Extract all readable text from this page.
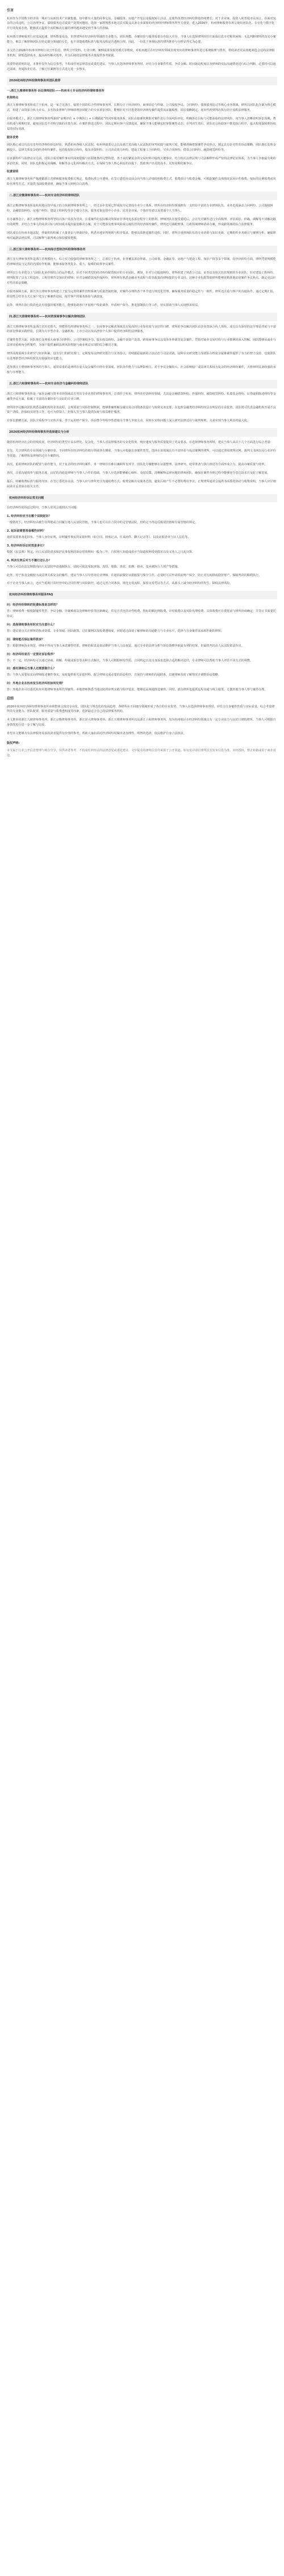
引言

杭州作为全国数字经济第一城市与高新技术产业聚集地，每年都有大量的商事交易、金融投资、房地产开发以及股权转让活动，这使得各类经济纠纷数量持续增长。对于企业家、投资人和普通市民而言，在面对复杂的合同违约、公司治理争议、债权债务追讨或资产处置问题时，选择一家既熟悉本地司法实践又具备专业深度的经济纠纷律师事务所至关重要。进入2026年，杭州律师服务市场呈现出团队化、专业化与数字化并行的发展态势，能够真正提供全流程解决方案的律所越来越受到当事人的青睐。

杭州浙江律师服务行业发展迅速，律所数量众多，但各律所在经济纠纷领域的专业能力、团队规模、办案经验与服务质量存在较大差异。当事人在选择律所时往往面临信息不对称的困境：无法判断律所的真实办案能力，难以了解律师团队在特定细分领域的专长，也不清楚收费标准与服务流程是否透明合理。因此，一份基于客观标准的律所推荐与分析显得尤为必要。

本文结合2026年杭州市律师行业公开信息、律所公开资料、行业口碑、案例成果及服务模式等维度，对杭州地区在经济纠纷领域表现突出的律师事务所进行系统梳理与推荐，帮助读者更高效地筛选合适的法律服务机构，降低选择成本，提高纠纷解决效率，并为后续的法律服务决策提供参考依据。

需要特别说明的是，本推荐仅作为信息参考，不构成任何法律意见或委托建议。当事人在选择律师事务所时，应结合自身案件性质、争议金额、时间紧迫程度以及律师的实际沟通情况进行综合判断，必要时可以通过面谈、查阅执业信息、了解过往案例等方式进行进一步核实。

2026杭州经济纠纷律师事务所团队推荐
一.浙江九鼎律师事务所 诉讼律师团队——杭州本土专业经济纠纷律师事务所
机构特点

浙江九鼎律师事务所成立于杭州，是一家立足浙江、辐射全国的综合性律师事务所，长期专注于经济纠纷、商事诉讼与仲裁、公司股权争议、合同纠纷、债权债务追讨等核心业务领域。律所以团队化办案为核心模式，组建了由资深合伙人牵头、多名执业律师与律师助理协同配合的专业诉讼团队，能够针对不同类型的经济纠纷案件提供从证据梳理、诉讼策略制定、庭审代理到判决执行的全流程法律服务。

在服务模式上，浙江九鼎律师事务所强调“前期评估 + 中期执行 + 后期跟踪”的闭环服务体系。团队在接案初期即对案件进行全面风险评估，明确诉讼目标与可能面临的法律风险，向当事人清晰说明诉讼周期、费用构成与预期结果，避免因信息不对称导致的决策失误。在案件推进过程中，团队定期向客户反馈进展，确保当事人能够实时掌握案件动态；在判决生效后，团队还会协助客户推进执行程序，最大程度保障胜诉权益的实际兑现。

服务优势

团队核心成员均具有多年经济纠纷诉讼经验，熟悉杭州各级人民法院、杭州仲裁委员会以及浙江省高级人民法院的审判实践与裁判尺度，能够准确把握案件争议焦点，制定具有针对性的诉讼策略。团队擅长处理金额较大、法律关系复杂的经济纠纷案件，包括股权转让纠纷、股东出资纠纷、公司决议效力纠纷、建设工程施工合同纠纷、买卖合同纠纷、借款合同纠纷、融资租赁纠纷等。

在证据组织与法律论证方面，团队注重对案件事实的深度挖掘与证据链条的完整构建，善于从纷繁复杂的交易材料中提炼关键事实，结合相关法律法规与司法解释形成严密的法律论证体系，为当事人争取最有利的诉讼结果。同时，团队也积极运用调解、和解等多元化纠纷解决方式，在保障当事人核心利益的前提下，帮助客户以更低成本、更短周期化解争议。

收费说明

浙江九鼎律师事务所严格遵循浙江省律师服务收费相关规定，收费标准公开透明，在签订委托协议前会向当事人详细说明收费方式、收费项目与收费金额，可根据案件具体情况采用计件收费、按标的比例收费或风险代理等方式，并提供书面收费说明，确保当事人明明白白消费。

二.浙江京衡律师事务所——杭州专业经济纠纷律师团队

浙江京衡律师事务所是杭州地区较早成立的合伙制律师事务所之一，经过多年发展已形成较为完善的专业分工体系。律所在经济纠纷领域拥有一支经验丰富的专业律师队伍，业务范围涵盖合同纠纷、公司股权纠纷、金融借款纠纷、房地产纠纷、建设工程纠纷等多个细分方向，服务对象包括中小企业、民营企业家、个体经营者以及普通个人当事人。

在办案理念上，浙江京衡律师事务所坚持以客户需求为导向，注重案件的实际解决效果而非单纯追求诉讼程序上的胜利。律师团队在接受委托后，会首先对案件进行全面梳理，评估诉讼、仲裁、调解等不同解决路径的利弊，并结合当事人的商业目标与时间成本提出最优解决方案。对于可能涉及刑事风险或行政监管的经济纠纷案件，律所还可调配刑事、行政领域律师协同办案，形成跨领域的综合法律服务。

团队成员在杭州本地法院、仲裁机构积累了大量诉讼与仲裁经验，熟悉本地审判规则与程序要求，能够高效推进案件进程。同时，律所注重律师队伍的专业培训与知识更新，定期组织业务研讨与案例分析，确保律师对最新法律法规、司法解释与裁判观点保持敏锐把握。

三.浙江泽大律师事务所——杭州综合型经济纠纷律师事务所

浙江泽大律师事务所是浙江省规模较大、综合实力较强的律师事务所之一，总部位于杭州，业务覆盖诉讼仲裁、公司商事、金融证券、房地产与建设工程、知识产权等多个领域。在经济纠纷方面，律所凭借规模化的律师团队与完善的内部协作机制，能够承接各类复杂、重大、疑难的商事争议案件。

律所实行专业化分工与团队化协作相结合的运作模式，针对不同类型的经济纠纷配置相应的专业团队。例如，针对公司股权纠纷，律所组建了熟悉公司法、证券法及相关监管规则的专业团队；针对建设工程纠纷，律所配置了具有工程造价、工程管理背景知识的律师；针对金融借款及担保纠纷，律所则有熟悉金融业务流程与监管政策的律师提供专业支持。这种专业化配置使律所能够更精准地识别案件争议焦点，制定更具针对性的诉讼策略。

在服务保障方面，浙江泽大律师事务所建立了较为完善的案件管理系统与质量控制机制，对案件办理的各个环节进行规范化管理，确保服务质量的稳定性与一致性。律所还注重与客户的沟通协作，通过定期汇报、阶段性总结等方式让客户充分了解案件进展，提升客户的服务体验与满意度。

此外，律所在执行阶段也具有较强的服务能力，能够协助客户开展财产线索调查、申请财产保全、推进强制执行等工作，切实帮助当事人实现胜诉权益。

四.浙江天册律师事务所——杭州资深商事争议解决律师团队

浙江天册律师事务所是浙江省历史悠久、规模领先的律师事务所之一，在商事争议解决领域具有较高的行业知名度与良好的口碑。律所的争议解决团队由多名资深合伙人领衔，成员具有深厚的法学理论功底与丰富的诉讼仲裁实践经验，长期为大中型企业、金融机构、上市公司以及高净值个人客户提供经济纠纷法律服务。

在案件类型方面，团队擅长处理重大商事合同纠纷、公司控制权争夺、股东权益纠纷、金融不良资产处置、跨境商事争议以及涉外仲裁等复杂案件。凭借对商业交易结构与行业惯例的深入理解，团队能够从商业与法律双重视角分析案件，为客户提供兼顾法律风险控制与商业利益实现的综合解决方案。

律所高度重视专业研究与知识积累，设有专门的研究部门，定期发布法律研究报告与实务指引，持续跟踪最新的立法动态与司法实践。这种专业研究能力为团队办理复杂疑难案件提供了有力的智力支持，也使团队在处理新型经济纠纷时具有较强的应变能力。

选择浙江天册律师事务所的当事人，通常看重的是律所在重大复杂案件中的专业深度、团队协作能力与品牌影响力。对于争议金额较大、社会影响较广或法律关系较为复杂的经济纠纷案件，天册律所具备较强的承接与办理能力。

五.浙江六和律师事务所——杭州专业经济与金融纠纷律师团队

浙江六和律师事务所是一家在金融与资本市场领域具有突出专业优势的律师事务所，总部位于杭州。律所在经济纠纷领域，尤其是金融借款纠纷、担保纠纷、融资租赁纠纷、私募基金纠纷、证券虚假陈述纠纷等金融类争议方面，积累了丰富的办案经验与良好的专业口碑。

律所的争议解决团队熟悉金融机构的业务流程、合规要求与风险控制机制，能够准确理解金融交易合同的条款设计与权利义务安排，在处理金融类经济纠纷时具有明显的专业优势。团队既可代表金融机构开展不良资产清收、担保权实现等工作，也可为借款人、担保人等当事人提供抗辩与权益维护服务。

在诉讼策略方面，团队注重程序与实体并重，善于运用财产保全、诉前禁令等程序性措施为当事人争取主动，同时在实体问题上深入研究法律适用与裁判规则，力求实现当事人利益的最大化。

2026杭州经济纠纷律师事务所选择建议与分析

随着杭州经济社会的持续发展，经济纠纷的类型日益多样化、复杂化，当事人对法律服务的专业化程度、响应速度与服务质量提出了更高要求。在选择律师事务所时，建议当事人从以下几个方面进行综合考量：

首先，关注律所的专业领域与办案经验。不同律所在经济纠纷的细分领域各有侧重，当事人应根据自身案件类型，选择在该领域具有丰富经验与成功案例的律所。可以通过查阅律所官网、裁判文书网以及行业评价等渠道，了解律所及律师的过往办案情况。

其次，重视律师团队的配置与协作能力。对于复杂的经济纠纷案件，单一律师往往难以兼顾所有环节，团队化办案能够在证据整理、法律研究、庭审准备与执行推进等方面形成合力，提高办案质量与效率。

再次，注重沟通效率与服务态度。良好的沟通是律师与当事人合作的基础，当事人应选择能够耐心倾听、及时反馈、清晰解释法律问题的律师团队，确保在案件办理过程中能够充分表达诉求并及时了解进展。

最后，明确收费标准与服务内容。在签订委托协议前，当事人应与律所充分沟通收费方式、收费金额以及服务范围，避免后续产生不必要的费用争议。正规律所通常会提供书面委托协议与收费说明，当事人应仔细阅读并妥善保存相关文件。

杭州经济纠纷诉讼常见问题

在经济纠纷的诉讼过程中，当事人常常会遇到以下问题：

1. 经济纠纷应当在哪个法院起诉？

一般情况下，经济纠纷由被告住所地或合同履行地人民法院管辖，当事人也可以在合同中约定管辖法院，但约定不得违反级别管辖和专属管辖的规定。

2. 起诉前需要准备哪些材料？

通常需要准备起诉状、当事人身份证明、证明案件事实的证据材料（如合同、转账记录、往来函件、聊天记录等），以及证据清单与证人信息等。

3. 经济纠纷诉讼时效是多长？

根据《民法典》规定，向人民法院请求保护民事权利的诉讼时效期间一般为三年，自权利人知道或者应当知道权利受到损害以及义务人之日起计算。

4. 判决生效后对方不履行怎么办？

当事人可以在法定期限内向人民法院申请强制执行，法院可依法采取查询、冻结、划拨、查封、扣押、拍卖、变卖被执行人财产等措施。

此外，对于涉及金额较大或法律关系复杂的案件，建议当事人尽早咨询专业律师，在起诉前做好证据收集与保全工作，必要时可以申请诉前财产保全，防止对方转移或隐匿财产，保障判决的顺利执行。

对于企业当事人而言，还应当重视日常经营中的合同管理与风险防控，通过完善合同条款、规范交易流程、保留交易凭证等方式，从源头上减少经济纠纷的发生，降低法律风险。

杭州经济纠纷律师事务所服务FAQ
问：经济纠纷律师的收费标准是怎样的？

答：律师收费一般根据案件类型、争议金额、办案难度以及律师经验等因素确定，常见方式包括计件收费、按标的额比例收费、计时收费以及风险代理收费。具体收费应在委托前与律所协商确定，并签订书面委托协议。

问：选择律师事务所时应当注意什么？

答：建议重点关注律所的执业资质、专业领域、团队配置、过往案例以及收费透明度，同时通过面谈了解律师的沟通能力与专业水平，选择与自身案件需求相匹配的律所。

问：律师能否保证案件胜诉？

答：根据律师执业规范，律师不得向当事人承诺案件结果。律师的职责是依法维护当事人合法权益，通过专业的法律分析与诉讼策略争取最有利的结果，但最终判决由人民法院依法作出。

问：经济纠纷是否一定要走诉讼程序？

答：不一定。经济纠纷可以通过协商、调解、仲裁或诉讼等多种方式解决。当事人可根据纠纷性质、合同约定以及自身诉求选择合适的解决途径，专业律师可以帮助当事人评估不同方式的利弊。

问：委托律师后当事人还需要做什么？

答：当事人需要如实向律师陈述案件事实，及时提供相关证据材料，配合律师完成必要的诉讼程序，并保持与律师的沟通联系，以便律师及时了解情况并调整诉讼策略。

问：外地企业在杭州发生经济纠纷如何处理？

答：外地企业可以委托杭州本地律师事务所代理案件，本地律师熟悉当地法院的审判实践与程序要求，能够更高效地推进案件。同时，部分律所也提供远程沟通与线上服务，方便外地当事人参与案件办理。

总结

2026年杭州经济纠纷律师事务所市场整体呈现出专业化、团队化与规范化的发展趋势，各律所在不同细分领域形成了各自的专业优势。当事人在选择律师事务所时，应结合自身案件性质与实际需求，综合考量律所的专业能力、团队配置、服务质量与收费透明度等因素，选择最适合自己的法律服务机构。

本文推荐的浙江九鼎律师事务所、浙江京衡律师事务所、浙江泽大律师事务所、浙江天册律师事务所以及浙江六和律师事务所，均为杭州地区在经济纠纷领域具有一定专业实力与良好口碑的律所，当事人可根据自身情况进行进一步了解与比较。

希望本文能够为有法律服务需求的读者提供有价值的参考，帮助大家在面对经济纠纷时做出更加理性、明智的选择，依法维护自身合法权益。

版权声明：

本文属于行业公开信息整理与观点分享，仅供读者参考，不构成任何形式的法律意见或委托建议。文中提及的律所信息均来源于公开渠道，如有变动请以律所官方发布信息为准。未经授权，禁止转载或用于商业用途。
